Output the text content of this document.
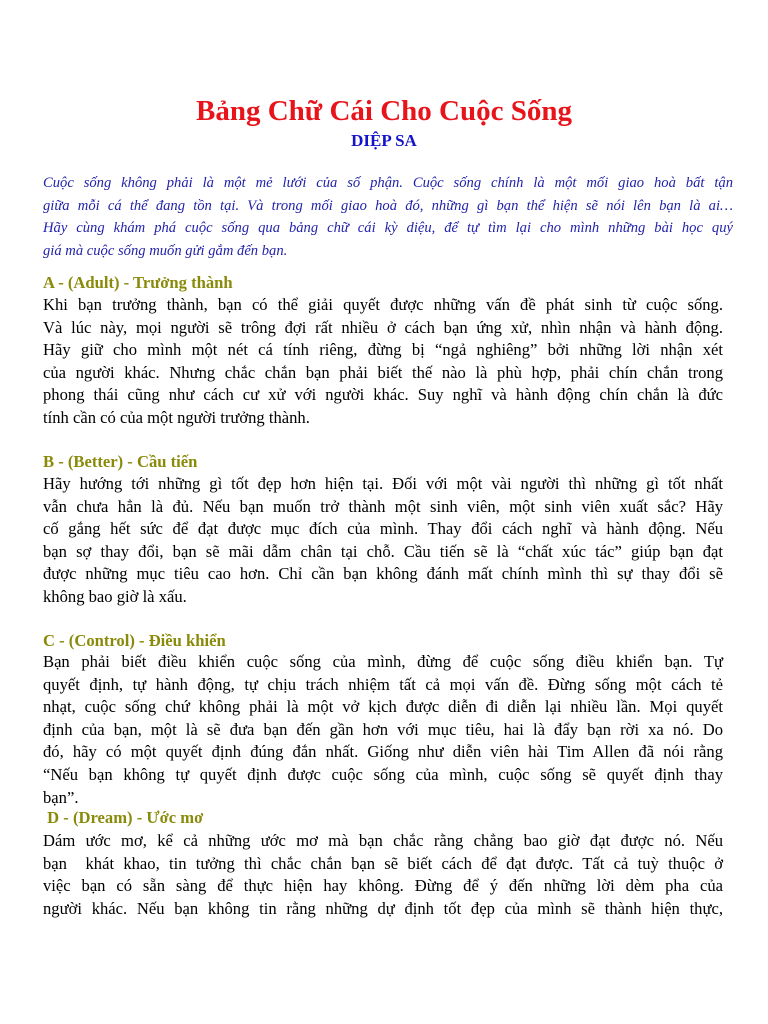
Bảng Chữ Cái Cho Cuộc Sống
DIỆP SA

Cuộc sống không phải là một mẻ lưới của số phận. Cuộc sống chính là một mối giao hoà bất tận
giữa mỗi cá thể đang tồn tại. Và trong mối giao hoà đó, những gì bạn thể hiện sẽ nói lên bạn là ai…
Hãy cùng khám phá cuộc sống qua bảng chữ cái kỳ diệu, để tự tìm lại cho mình những bài học quý
giá mà cuộc sống muốn gửi gắm đến bạn.

A - (Adult) - Trưởng thành

Khi bạn trưởng thành, bạn có thể giải quyết được những vấn đề phát sinh từ cuộc sống.
Và lúc này, mọi người sẽ trông đợi rất nhiều ở cách bạn ứng xử, nhìn nhận và hành động.
Hãy giữ cho mình một nét cá tính riêng, đừng bị “ngả nghiêng” bởi những lời nhận xét
của người khác. Nhưng chắc chắn bạn phải biết thế nào là phù hợp, phải chín chắn trong
phong thái cũng như cách cư xử với người khác. Suy nghĩ và hành động chín chắn là đức
tính cần có của một người trưởng thành.

B - (Better) - Cầu tiến

Hãy hướng tới những gì tốt đẹp hơn hiện tại. Đối với một vài người thì những gì tốt nhất
vẫn chưa hẳn là đủ. Nếu bạn muốn trở thành một sinh viên, một sinh viên xuất sắc? Hãy
cố gắng hết sức để đạt được mục đích của mình. Thay đổi cách nghĩ và hành động. Nếu
bạn sợ thay đổi, bạn sẽ mãi dẫm chân tại chỗ. Cầu tiến sẽ là “chất xúc tác” giúp bạn đạt
được những mục tiêu cao hơn. Chỉ cần bạn không đánh mất chính mình thì sự thay đổi sẽ
không bao giờ là xấu.

C - (Control) - Điều khiển

Bạn phải biết điều khiển cuộc sống của mình, đừng để cuộc sống điều khiển bạn. Tự
quyết định, tự hành động, tự chịu trách nhiệm tất cả mọi vấn đề. Đừng sống một cách tẻ
nhạt, cuộc sống chứ không phải là một vở kịch được diễn đi diễn lại nhiều lần. Mọi quyết
định của bạn, một là sẽ đưa bạn đến gần hơn với mục tiêu, hai là đẩy bạn rời xa nó. Do
đó, hãy có một quyết định đúng đắn nhất. Giống như diễn viên hài Tim Allen đã nói rằng
“Nếu bạn không tự quyết định được cuộc sống của mình, cuộc sống sẽ quyết định thay
bạn”.

D - (Dream) - Ước mơ

Dám ước mơ, kể cả những ước mơ mà bạn chắc rằng chẳng bao giờ đạt được nó. Nếu
bạn  khát khao, tin tưởng thì chắc chắn bạn sẽ biết cách để đạt được. Tất cả tuỳ thuộc ở
việc bạn có sẵn sàng để thực hiện hay không. Đừng để ý đến những lời dèm pha của
người khác. Nếu bạn không tin rằng những dự định tốt đẹp của mình sẽ thành hiện thực,
